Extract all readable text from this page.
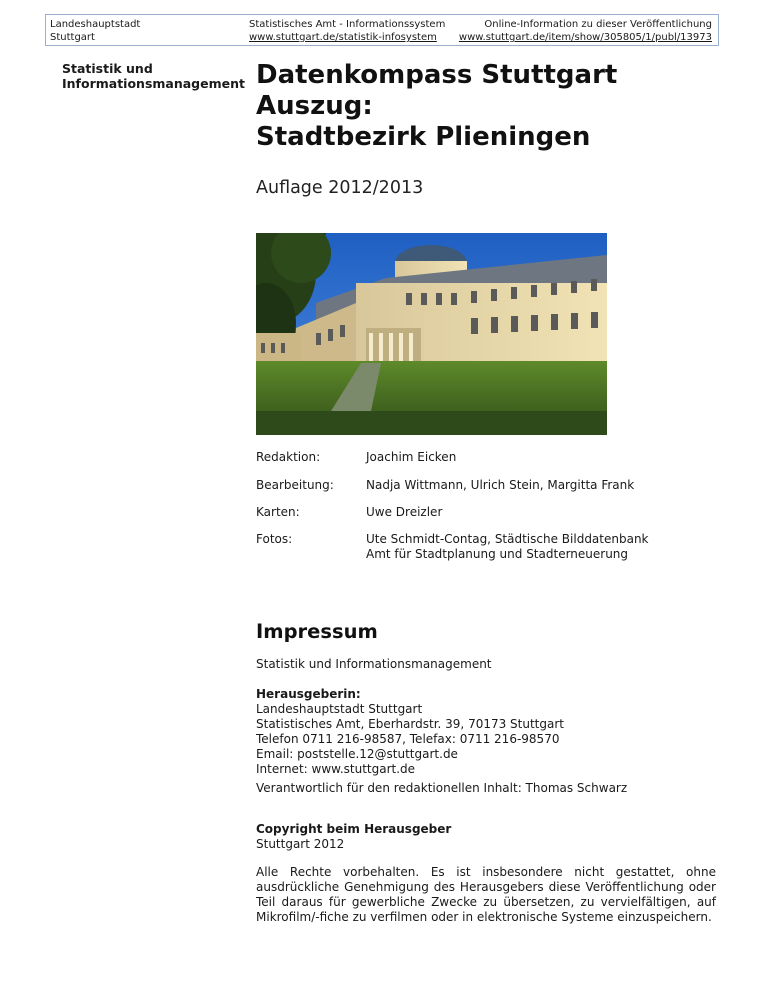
Landeshauptstadt
Stuttgart
Statistisches Amt - Informationssystem
www.stuttgart.de/statistik-infosystem
Online-Information zu dieser Veröffentlichung
www.stuttgart.de/item/show/305805/1/publ/13973
Statistik und
Informationsmanagement Datenkompass Stuttgart
Auszug:
Stadtbezirk Plieningen
Auflage 2012/2013
Redaktion:	Joachim Eicken
Bearbeitung:	Nadja Wittmann, Ulrich Stein, Margitta Frank
Karten:	Uwe Dreizler
Fotos:	Ute Schmidt-Contag, Städtische Bilddatenbank
Amt für Stadtplanung und Stadterneuerung
Impressum
Statistik und Informationsmanagement
Herausgeberin:
Landeshauptstadt Stuttgart
Statistisches Amt, Eberhardstr. 39, 70173 Stuttgart
Telefon 0711 216-98587, Telefax: 0711 216-98570
Email: poststelle.12@stuttgart.de
Internet: www.stuttgart.de
Verantwortlich für den redaktionellen Inhalt: Thomas Schwarz
Copyright beim Herausgeber
Stuttgart 2012
Alle Rechte vorbehalten. Es ist insbesondere nicht gestattet, ohne ausdrückliche Genehmigung des Herausgebers diese Veröffentlichung oder Teil daraus für gewerbliche Zwecke zu übersetzen, zu vervielfältigen, auf Mikrofilm/-fiche zu verfilmen oder in elektronische Systeme einzuspeichern.
